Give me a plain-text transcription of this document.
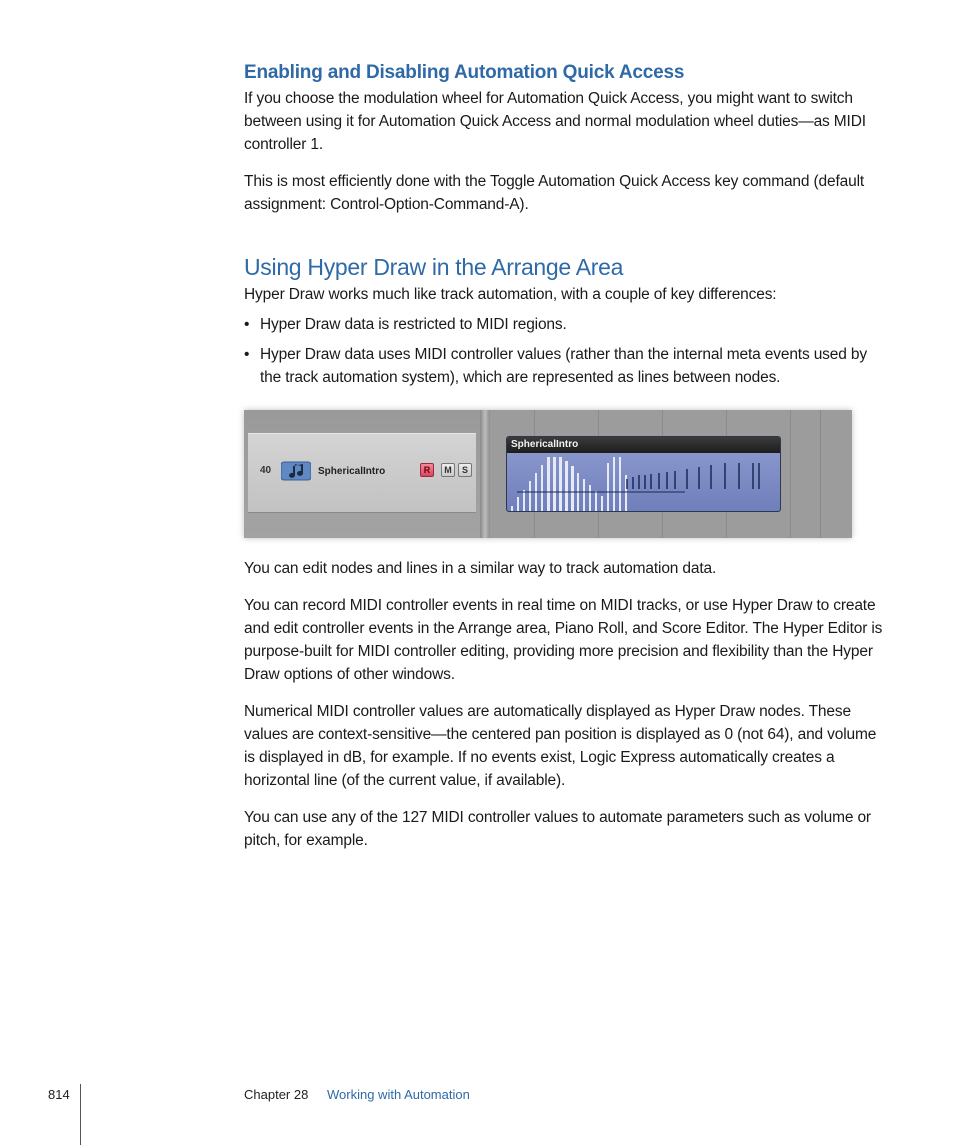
Enabling and Disabling Automation Quick Access

If you choose the modulation wheel for Automation Quick Access, you might want to switch between using it for Automation Quick Access and normal modulation wheel duties—as MIDI controller 1.

This is most efficiently done with the Toggle Automation Quick Access key command (default assignment: Control-Option-Command-A).

Using Hyper Draw in the Arrange Area

Hyper Draw works much like track automation, with a couple of key differences:

• Hyper Draw data is restricted to MIDI regions.

• Hyper Draw data uses MIDI controller values (rather than the internal meta events used by the track automation system), which are represented as lines between nodes.

40	SphericalIntro	R	M	S
SphericalIntro

You can edit nodes and lines in a similar way to track automation data.

You can record MIDI controller events in real time on MIDI tracks, or use Hyper Draw to create and edit controller events in the Arrange area, Piano Roll, and Score Editor. The Hyper Editor is purpose-built for MIDI controller editing, providing more precision and flexibility than the Hyper Draw options of other windows.

Numerical MIDI controller values are automatically displayed as Hyper Draw nodes. These values are context-sensitive—the centered pan position is displayed as 0 (not 64), and volume is displayed in dB, for example. If no events exist, Logic Express automatically creates a horizontal line (of the current value, if available).

You can use any of the 127 MIDI controller values to automate parameters such as volume or pitch, for example.

814	Chapter 28 Working with Automation
